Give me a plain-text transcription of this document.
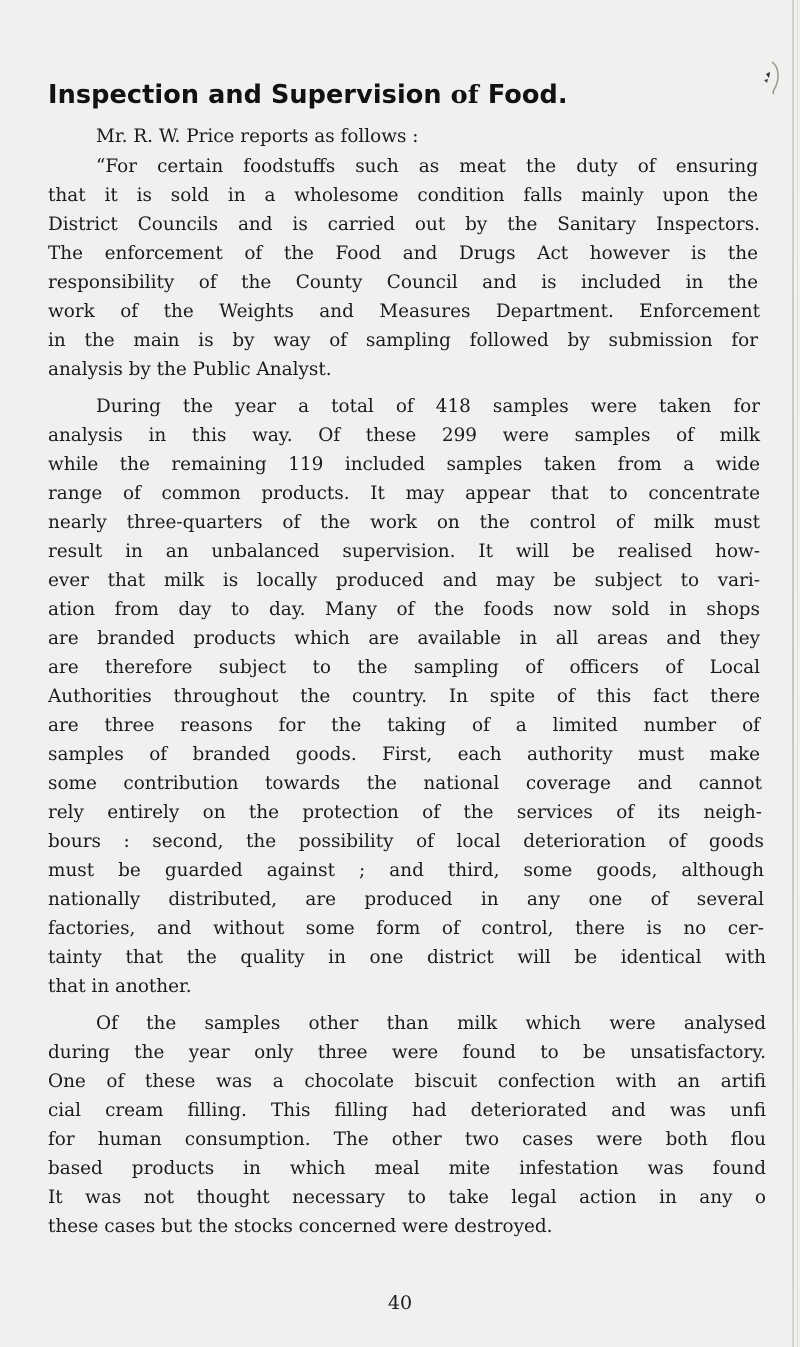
Inspection and Supervision of Food.
Mr. R. W. Price reports as follows :
“For certain foodstuffs such as meat the duty of ensuring
that it is sold in a wholesome condition falls mainly upon the
District Councils and is carried out by the Sanitary Inspectors.
The enforcement of the Food and Drugs Act however is the
responsibility of the County Council and is included in the
work of the Weights and Measures Department. Enforcement
in the main is by way of sampling followed by submission for
analysis by the Public Analyst.
During the year a total of 418 samples were taken for
analysis in this way. Of these 299 were samples of milk
while the remaining 119 included samples taken from a wide
range of common products. It may appear that to concentrate
nearly three-quarters of the work on the control of milk must
result in an unbalanced supervision. It will be realised how-
ever that milk is locally produced and may be subject to vari-
ation from day to day. Many of the foods now sold in shops
are branded products which are available in all areas and they
are therefore subject to the sampling of officers of Local
Authorities throughout the country. In spite of this fact there
are three reasons for the taking of a limited number of
samples of branded goods. First, each authority must make
some contribution towards the national coverage and cannot
rely entirely on the protection of the services of its neigh-
bours : second, the possibility of local deterioration of goods
must be guarded against ; and third, some goods, although
nationally distributed, are produced in any one of several
factories, and without some form of control, there is no cer-
tainty that the quality in one district will be identical with
that in another.
Of the samples other than milk which were analysed
during the year only three were found to be unsatisfactory.
One of these was a chocolate biscuit confection with an artifi
cial cream filling. This filling had deteriorated and was unfi
for human consumption. The other two cases were both flou
based products in which meal mite infestation was found
It was not thought necessary to take legal action in any o
these cases but the stocks concerned were destroyed.
40
